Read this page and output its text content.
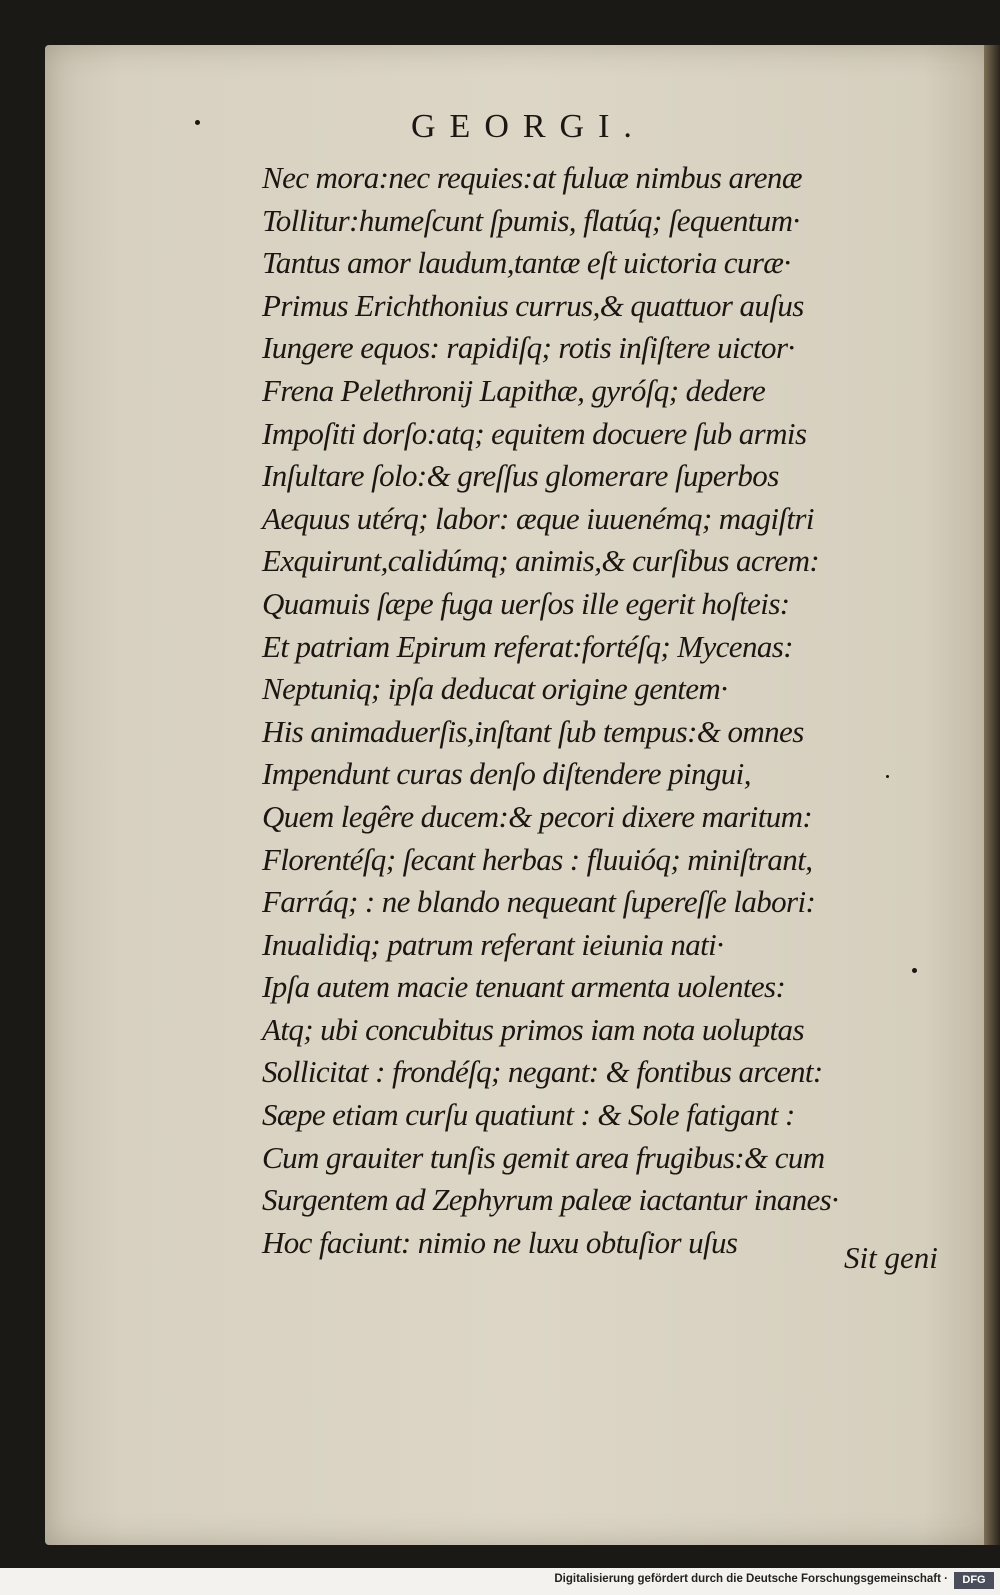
GEORGI.
Nec mora:nec requies:at fuluæ nimbus arenæ
Tollitur:humeſcunt ſpumis, flatúq; ſequentum·
Tantus amor laudum,tantæ eſt uictoria curæ·
Primus Erichthonius currus,& quattuor auſus
Iungere equos: rapidiſq; rotis inſiſtere uictor·
Frena Pelethronij Lapithæ, gyróſq; dedere
Impoſiti dorſo:atq; equitem docuere ſub armis
Inſultare ſolo:& greſſus glomerare ſuperbos
Aequus utérq; labor: æque iuuenémq; magiſtri
Exquirunt,calidúmq; animis,& curſibus acrem:
Quamuis ſæpe fuga uerſos ille egerit hoſteis:
Et patriam Epirum referat:fortéſq; Mycenas:
Neptuniq; ipſa deducat origine gentem·
His animaduerſis,inſtant ſub tempus:& omnes
Impendunt curas denſo diſtendere pingui,
Quem legêre ducem:& pecori dixere maritum:
Florentéſq; ſecant herbas : fluuióq; miniſtrant,
Farráq; : ne blando nequeant ſupereſſe labori:
Inualidiq; patrum referant ieiunia nati·
Ipſa autem macie tenuant armenta uolentes:
Atq; ubi concubitus primos iam nota uoluptas
Sollicitat : frondéſq; negant: & fontibus arcent:
Sæpe etiam curſu quatiunt : & Sole fatigant :
Cum grauiter tunſis gemit area frugibus:& cum
Surgentem ad Zephyrum paleæ iactantur inanes·
Hoc faciunt: nimio ne luxu obtuſior uſus	Sit geni
Digitalisierung gefördert durch die Deutsche Forschungsgemeinschaft ·	DFG
